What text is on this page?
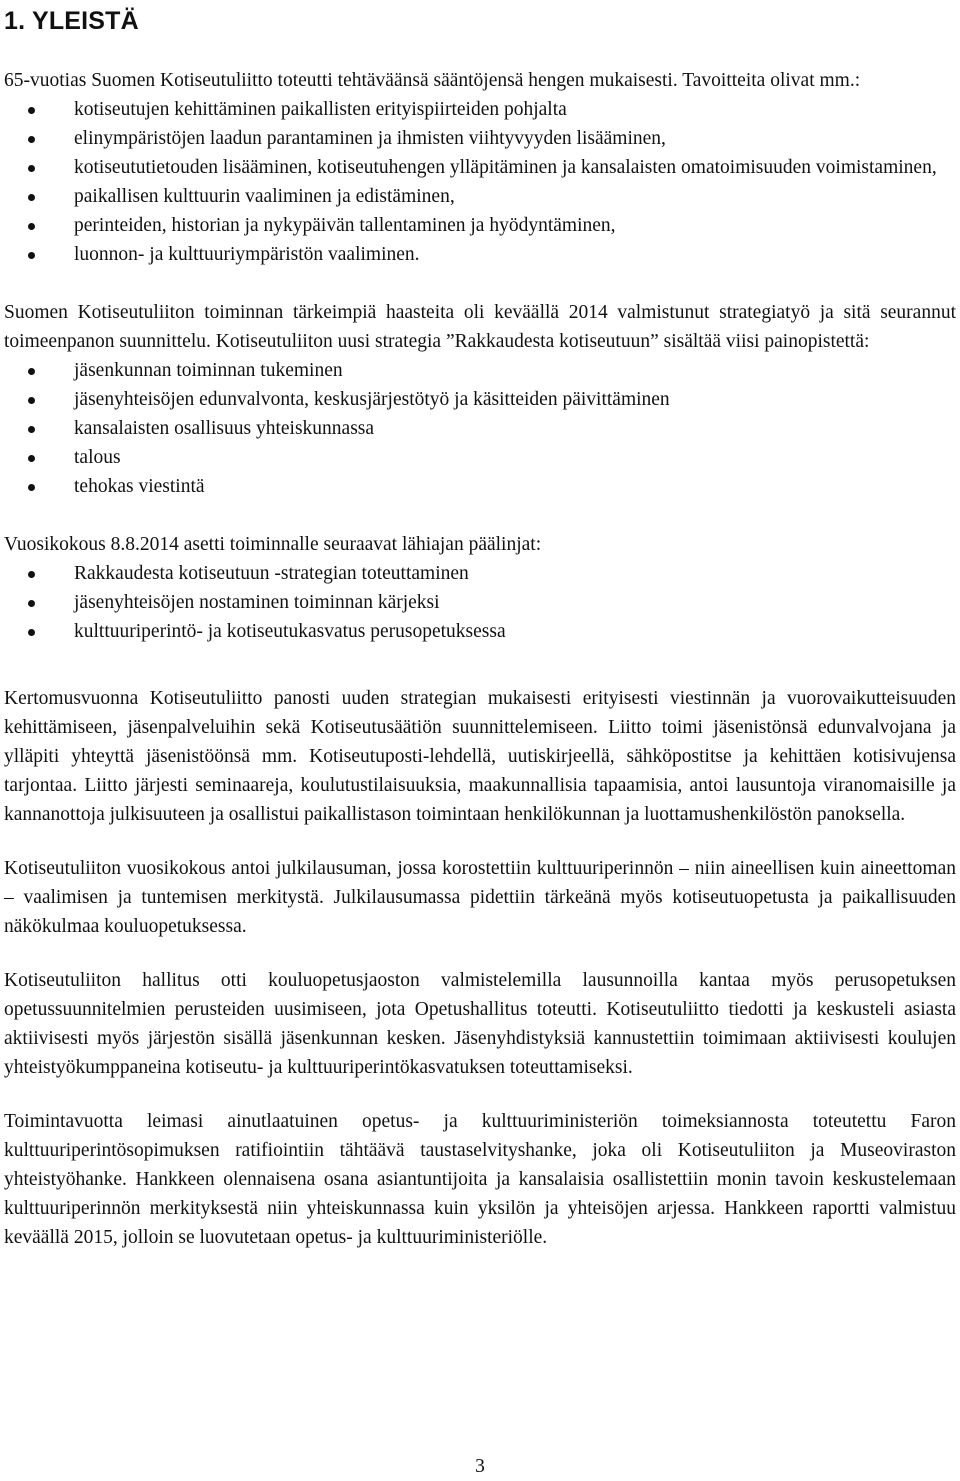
1. YLEISTÄ

65-vuotias Suomen Kotiseutuliitto toteutti tehtäväänsä sääntöjensä hengen mukaisesti. Tavoitteita olivat mm.:

kotiseutujen kehittäminen paikallisten erityispiirteiden pohjalta
elinympäristöjen laadun parantaminen ja ihmisten viihtyvyyden lisääminen,
kotiseututietouden lisääminen, kotiseutuhengen ylläpitäminen ja kansalaisten omatoimisuuden voimistaminen,
paikallisen kulttuurin vaaliminen ja edistäminen,
perinteiden, historian ja nykypäivän tallentaminen ja hyödyntäminen,
luonnon- ja kulttuuriympäristön vaaliminen.

Suomen Kotiseutuliiton toiminnan tärkeimpiä haasteita oli keväällä 2014 valmistunut strategiatyö ja sitä seurannut toimeenpanon suunnittelu. Kotiseutuliiton uusi strategia ”Rakkaudesta kotiseutuun” sisältää viisi painopistettä:

jäsenkunnan toiminnan tukeminen
jäsenyhteisöjen edunvalvonta, keskusjärjestötyö ja käsitteiden päivittäminen
kansalaisten osallisuus yhteiskunnassa
talous
tehokas viestintä

Vuosikokous 8.8.2014 asetti toiminnalle seuraavat lähiajan päälinjat:

Rakkaudesta kotiseutuun -strategian toteuttaminen
jäsenyhteisöjen nostaminen toiminnan kärjeksi
kulttuuriperintö- ja kotiseutukasvatus perusopetuksessa

Kertomusvuonna Kotiseutuliitto panosti uuden strategian mukaisesti erityisesti viestinnän ja vuorovaikutteisuuden kehittämiseen, jäsenpalveluihin sekä Kotiseutusäätiön suunnittelemiseen. Liitto toimi jäsenistönsä edunvalvojana ja ylläpiti yhteyttä jäsenistöönsä mm. Kotiseutuposti-lehdellä, uutiskirjeellä, sähköpostitse ja kehittäen kotisivujensa tarjontaa. Liitto järjesti seminaareja, koulutustilaisuuksia, maakunnallisia tapaamisia, antoi lausuntoja viranomaisille ja kannanottoja julkisuuteen ja osallistui paikallistason toimintaan henkilökunnan ja luottamushenkilöstön panoksella.

Kotiseutuliiton vuosikokous antoi julkilausuman, jossa korostettiin kulttuuriperinnön – niin aineellisen kuin aineettoman – vaalimisen ja tuntemisen merkitystä. Julkilausumassa pidettiin tärkeänä myös kotiseutuopetusta ja paikallisuuden näkökulmaa kouluopetuksessa.

Kotiseutuliiton hallitus otti kouluopetusjaoston valmistelemilla lausunnoilla kantaa myös perusopetuksen opetussuunnitelmien perusteiden uusimiseen, jota Opetushallitus toteutti. Kotiseutuliitto tiedotti ja keskusteli asiasta aktiivisesti myös järjestön sisällä jäsenkunnan kesken. Jäsenyhdistyksiä kannustettiin toimimaan aktiivisesti koulujen yhteistyökumppaneina kotiseutu- ja kulttuuriperintökasvatuksen toteuttamiseksi.

Toimintavuotta leimasi ainutlaatuinen opetus- ja kulttuuriministeriön toimeksiannosta toteutettu Faron kulttuuriperintösopimuksen ratifiointiin tähtäävä taustaselvityshanke, joka oli Kotiseutuliiton ja Museoviraston yhteistyöhanke. Hankkeen olennaisena osana asiantuntijoita ja kansalaisia osallistettiin monin tavoin keskustelemaan kulttuuriperinnön merkityksestä niin yhteiskunnassa kuin yksilön ja yhteisöjen arjessa. Hankkeen raportti valmistuu keväällä 2015, jolloin se luovutetaan opetus- ja kulttuuriministeriölle.

3
